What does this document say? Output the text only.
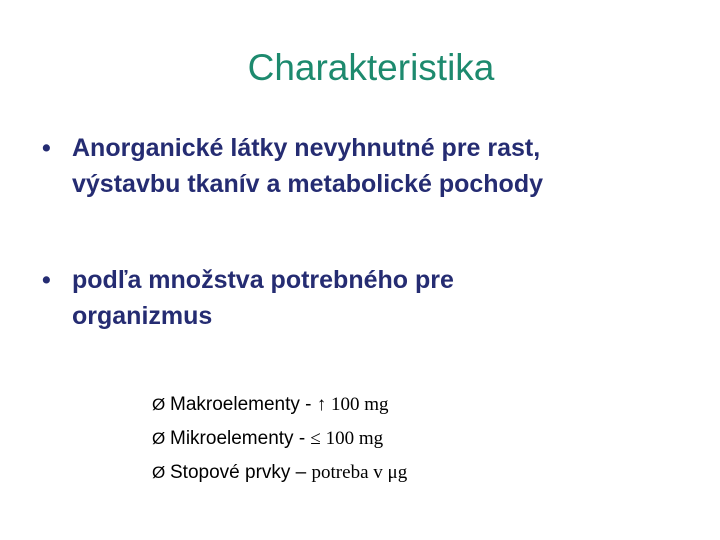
Charakteristika
• Anorganické látky nevyhnutné pre rast,
výstavbu tkanív a metabolické pochody
• podľa množstva potrebného pre
organizmus
Ø Makroelementy - ↑ 100 mg
Ø Mikroelementy - ≤ 100 mg
Ø Stopové prvky – potreba v μg
